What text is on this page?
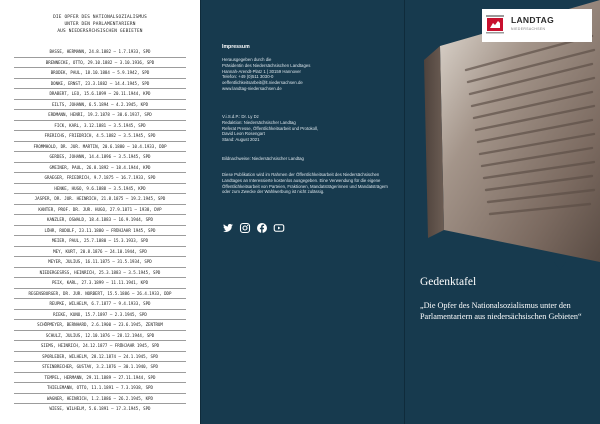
DIE OPFER DES NATIONALSOZIALISMUS
UNTER DEN PARLAMENTARIERN
AUS NIEDERSÄCHSISCHEN GEBIETEN
BASSE, HERMANN, 24.8.1882 – 1.7.1933, SPD
BRENNECKE, OTTO, 29.10.1882 – 3.10.1936, SPD
BRODEK, PAUL, 18.10.1884 – 5.9.1942, SPD
DONKE, ERNST, 23.3.1882 – 14.4.1945, SPD
DRABERT, LEO, 15.6.1899 – 20.11.1944, KPD
EILTS, JOHANN, 6.5.1894 – 4.2.1945, KPD
ERDMANN, HENRI, 19.2.1878 – 30.6.1937, SPD
FICK, KARL, 3.12.1881 – 3.5.1945, SPD
FRERICHS, FRIEDRICH, 4.5.1882 – 3.5.1945, SPD
FROMMHOLD, DR. JUR. MARTIN, 20.6.1880 – 10.4.1933, DDP
GERDES, JOHANN, 14.4.1896 – 3.5.1945, SPD
GMEINER, PAUL, 26.8.1892 – 18.4.1944, KPD
GRAEGER, FRIEDRICH, 9.7.1875 – 16.7.1933, SPD
HENKE, HUGO, 9.6.1888 – 3.5.1945, KPD
JASPER, DR. JUR. HEINRICH, 21.8.1875 – 19.2.1945, SPD
KANTER, PROF. DR. JUR. HUGO, 27.9.1871 – 1938, DVP
KANZLER, OSWALD, 18.4.1883 – 16.9.1944, SPD
LÖHR, RUDOLF, 23.11.1880 – FRÜHJAHR 1945, SPD
MEIER, PAUL, 25.7.1880 – 15.3.1933, SPD
MEY, KURT, 20.8.1876 – 24.10.1944, SPD
MEYER, JULIUS, 16.11.1875 – 31.5.1934, SPD
NIEDERGESÄSS, HEINRICH, 25.3.1883 – 3.5.1945, SPD
PEIX, KARL, 27.3.1899 – 11.11.1941, KPD
REGENSBURGER, DR. JUR. NORBERT, 15.5.1886 – 26.4.1933, DDP
REUPKE, WILHELM, 6.7.1877 – 9.4.1933, SPD
RIEKE, KUNO, 15.7.1897 – 2.3.1945, SPD
SCHÖPMEYER, BERNHARD, 2.6.1900 – 23.6.1945, ZENTRUM
SCHULZ, JULIUS, 12.10.1876 – 28.12.1944, SPD
SIEMS, HEINRICH, 24.12.1877 – FRÜHJAHR 1945, SPD
SPORLEDER, WILHELM, 28.12.1874 – 24.1.1945, SPD
STEINBRECHER, GUSTAV, 3.2.1876 – 30.1.1940, SPD
TEMPEL, HERMANN, 29.11.1889 – 27.11.1944, SPD
THIELEMANN, OTTO, 11.1.1891 – 7.3.1938, SPD
WAGNER, HEINRICH, 1.2.1886 – 26.2.1945, KPD
WIESE, WILHELM, 5.6.1891 – 17.3.1945, SPD
Impressum
Herausgegeben durch die
Präsidentin des Niedersächsischen Landtages
Hannah-Arendt-Platz 1 | 30159 Hannover
Telefon: +49 (0)511 3030-0
oeffentlichkeitsarbeit@lt.niedersachsen.de
www.landtag-niedersachsen.de
V.i.S.d.P.: Dr. Ly Dz
Redaktion: Niedersächsischer Landtag
Referat Presse, Öffentlichkeitsarbeit und Protokoll,
David Leon Rosengart
Stand: August 2021
Bildnachweise: Niedersächsischer Landtag
Diese Publikation wird im Rahmen der Öffentlichkeitsarbeit des Niedersächsischen Landtages an Interessierte kostenlos ausgegeben. Eine Verwendung für die eigene Öffentlichkeitsarbeit von Parteien, Fraktionen, Mandatsträgerinnen und Mandatsträgern oder zum Zwecke der Wahlwerbung ist nicht zulässig.
LANDTAG
NIEDERSACHSEN
Gedenktafel
„Die Opfer des Nationalsozialismus unter den Parlamentariern aus niedersächsischen Gebieten“
